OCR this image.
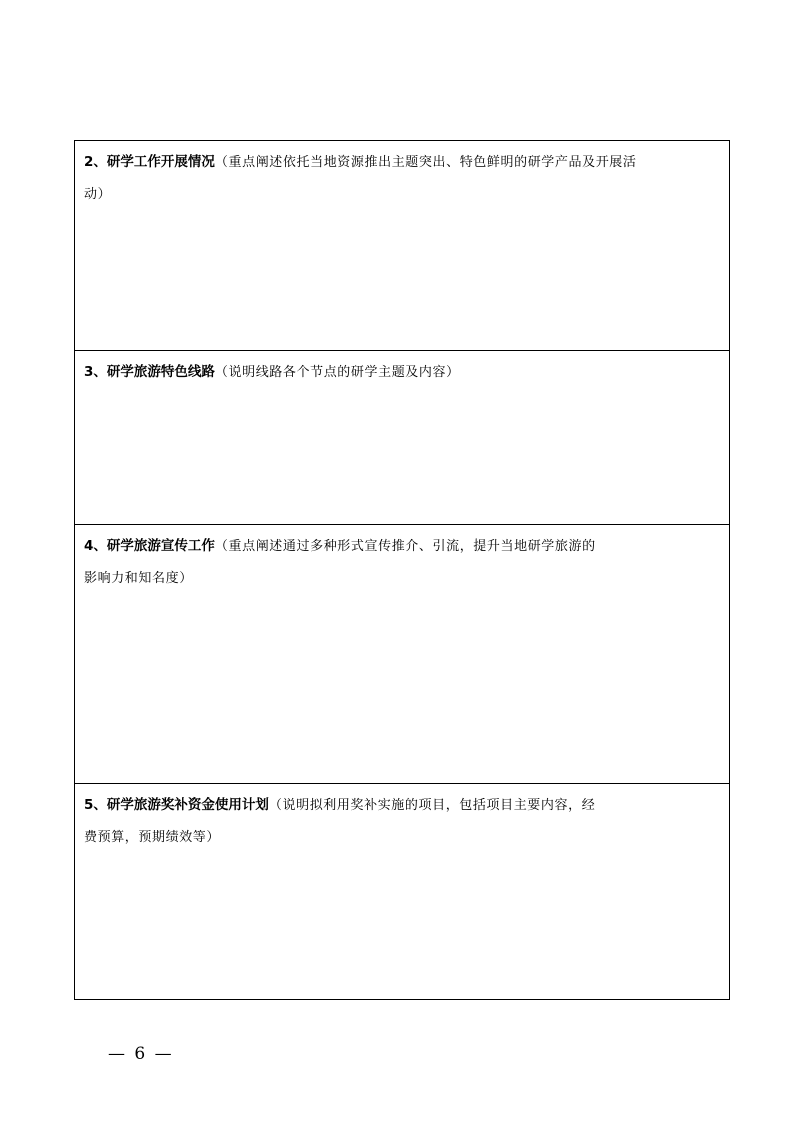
2、研学工作开展情况（重点阐述依托当地资源推出主题突出、特色鲜明的研学产品及开展活

动）

3、研学旅游特色线路（说明线路各个节点的研学主题及内容）

4、研学旅游宣传工作（重点阐述通过多种形式宣传推介、引流，提升当地研学旅游的

影响力和知名度）

5、研学旅游奖补资金使用计划（说明拟利用奖补实施的项目，包括项目主要内容，经

费预算，预期绩效等）

— 6 —
